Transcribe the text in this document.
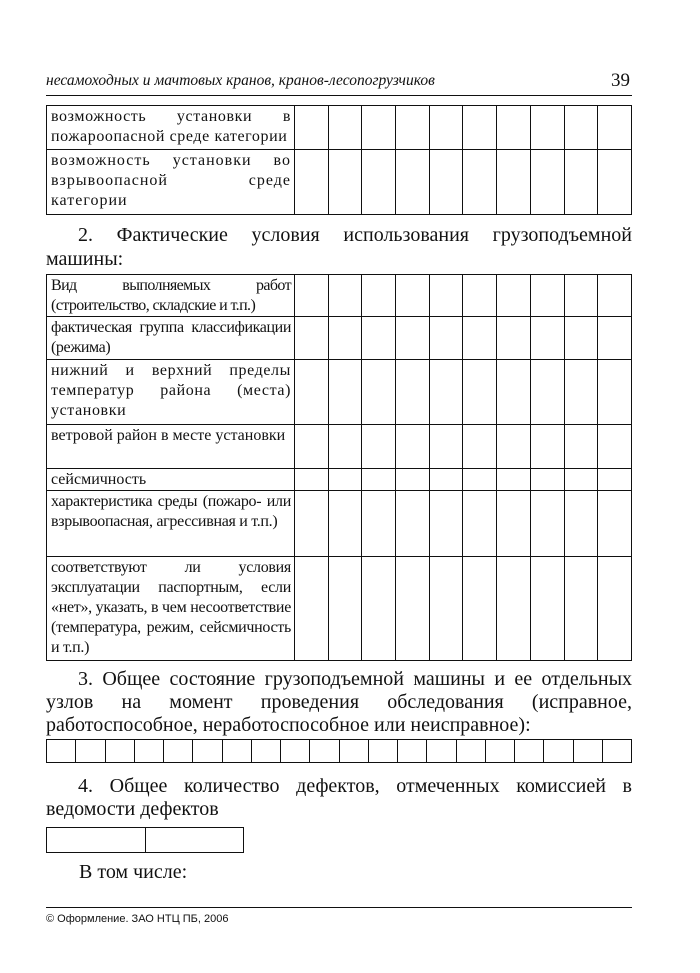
несамоходных и мачтовых кранов, кранов-лесопогрузчиков	39
возможность установки в пожароопасной среде категории										
возможность установки во взрывоопасной среде категории										
2. Фактические условия использования грузоподъемной машины:
Вид выполняемых работ (строительство, складские и т.п.)										
фактическая группа классификации (режима)										
нижний и верхний пределы температур района (места) установки										
ветровой район в месте установки										
сейсмичность										
характеристика среды (пожаро- или взрывоопасная, агрессивная и т.п.)										
соответствуют ли условия эксплуатации паспортным, если «нет», указать, в чем несоответствие (температура, режим, сейсмичность и т.п.)										
3. Общее состояние грузоподъемной машины и ее отдельных узлов на момент проведения обследования (исправное, работоспособное, неработоспособное или неисправное):

4. Общее количество дефектов, отмеченных комиссией в ведомости дефектов

В том числе:
© Оформление. ЗАО НТЦ ПБ, 2006
